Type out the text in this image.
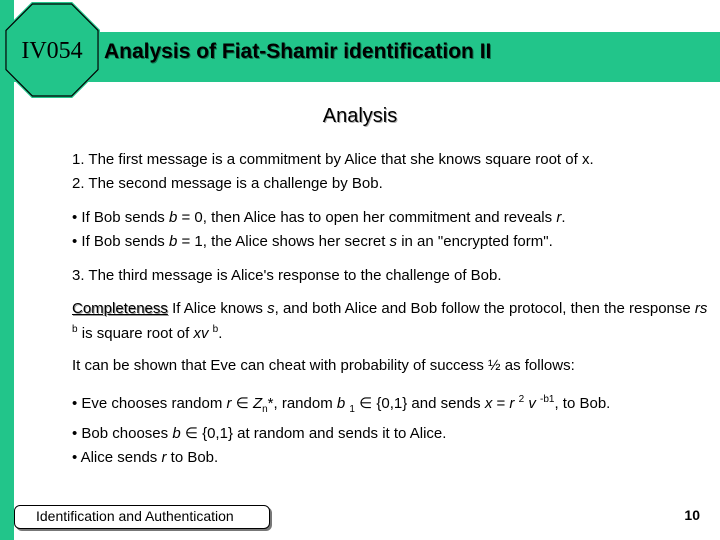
IV054	Analysis of Fiat-Shamir identification II
Analysis

1. The first message is a commitment by Alice that she knows square root of x.

2. The second message is a challenge by Bob.

• If Bob sends b = 0, then Alice has to open her commitment and reveals r.

• If Bob sends b = 1, the Alice shows her secret s in an "encrypted form".

3. The third message is Alice's response to the challenge of Bob.

Completeness If Alice knows s, and both Alice and Bob follow the protocol, then the response rs $^b$ is square root of xv $^b$.

It can be shown that Eve can cheat with probability of success ½ as follows:

• Eve chooses random r ∈ $Z_n*$, random b $_1$ ∈ {0,1} and sends x = r $^2$ v $^{-b1}$, to Bob.

• Bob chooses b ∈ {0,1} at random and sends it to Alice.

• Alice sends r to Bob.

Identification and Authentication	10
